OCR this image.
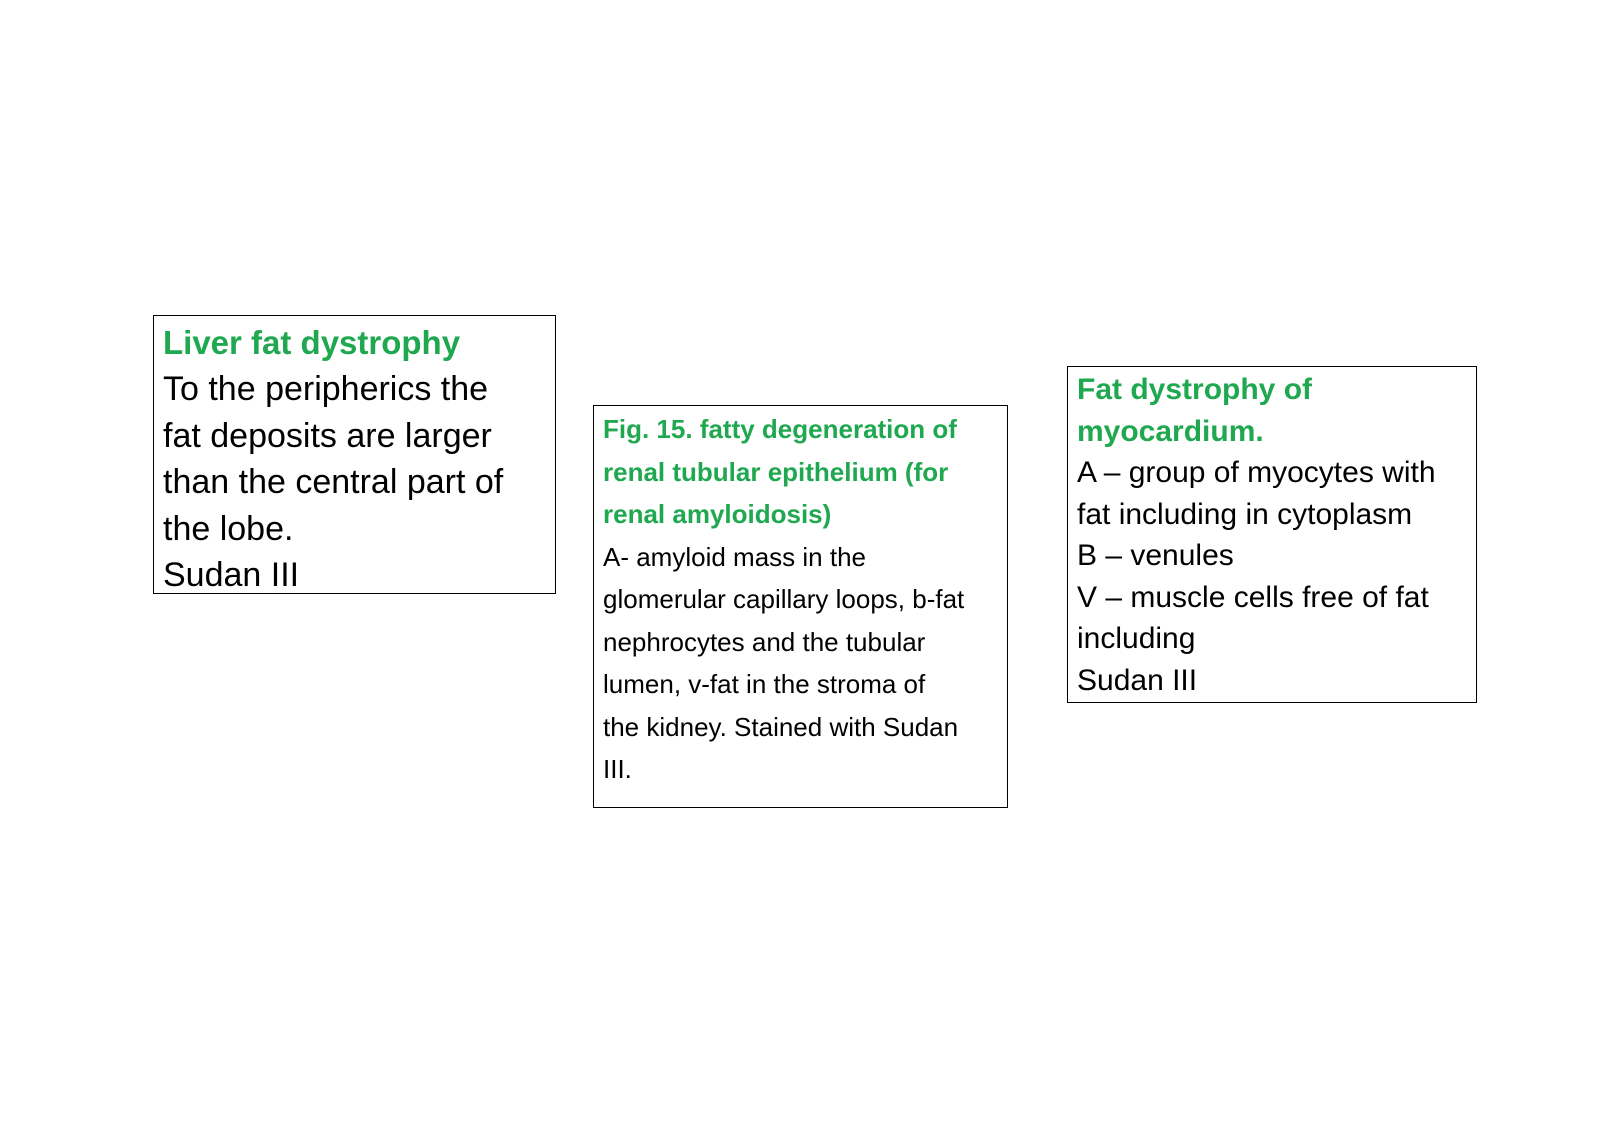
Liver fat dystrophy

To the peripherics the

fat deposits are larger

than the central part of

the lobe.

Sudan III

Fig. 15. fatty degeneration of

renal tubular epithelium (for

renal amyloidosis)

A- amyloid mass in the

glomerular capillary loops, b-fat

nephrocytes and the tubular

lumen, v-fat in the stroma of

the kidney. Stained with Sudan

III.

Fat dystrophy of

myocardium.

A – group of myocytes with

fat including in cytoplasm

B – venules

V – muscle cells free of fat

including

Sudan III
